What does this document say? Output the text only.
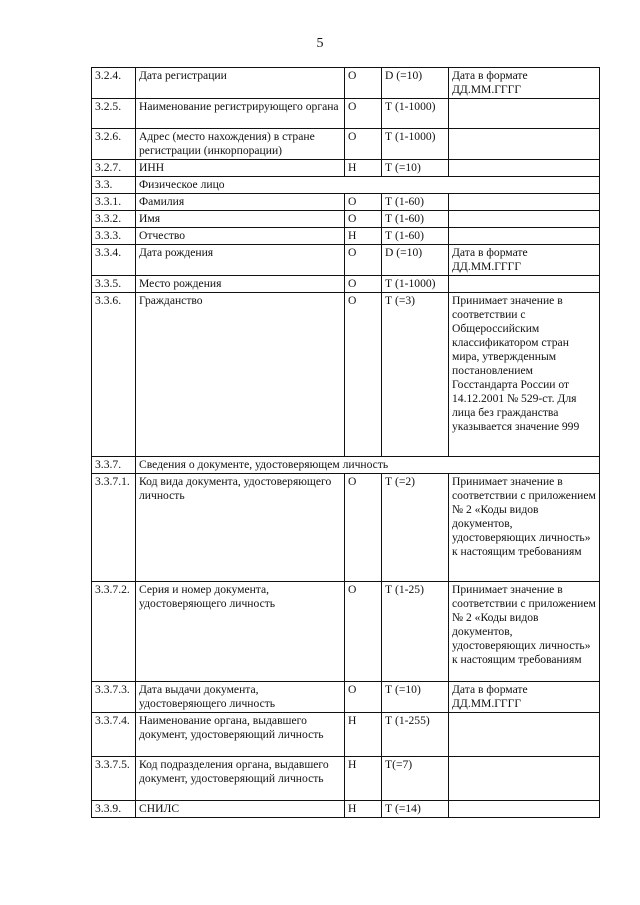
5
3.2.4.	Дата регистрации	О	D (=10)	Дата в формате ДД.ММ.ГГГГ
3.2.5.	Наименование регистрирующего органа	О	Т (1-1000)	
3.2.6.	Адрес (место нахождения) в стране регистрации (инкорпорации)	О	Т (1-1000)	
3.2.7.	ИНН	Н	Т (=10)	
3.3.	Физическое лицо			
3.3.1.	Фамилия	О	Т (1-60)	
3.3.2.	Имя	О	Т (1-60)	
3.3.3.	Отчество	Н	Т (1-60)	
3.3.4.	Дата рождения	О	D (=10)	Дата в формате ДД.ММ.ГГГГ
3.3.5.	Место рождения	О	Т (1-1000)	
3.3.6.	Гражданство	О	Т (=3)	Принимает значение в соответствии с Общероссийским классификатором стран мира, утвержденным постановлением Госстандарта России от 14.12.2001 № 529-ст. Для лица без гражданства указывается значение 999
3.3.7.	Сведения о документе, удостоверяющем личность			
3.3.7.1.	Код вида документа, удостоверяющего личность	О	Т (=2)	Принимает значение в соответствии с приложением № 2 «Коды видов документов, удостоверяющих личность» к настоящим требованиям
3.3.7.2.	Серия и номер документа, удостоверяющего личность	О	Т (1-25)	Принимает значение в соответствии с приложением № 2 «Коды видов документов, удостоверяющих личность» к настоящим требованиям
3.3.7.3.	Дата выдачи документа, удостоверяющего личность	О	Т (=10)	Дата в формате ДД.ММ.ГГГГ
3.3.7.4.	Наименование органа, выдавшего документ, удостоверяющий личность	Н	Т (1-255)	
3.3.7.5.	Код подразделения органа, выдавшего документ, удостоверяющий личность	Н	Т(=7)	
3.3.9.	СНИЛС	Н	Т (=14)	
